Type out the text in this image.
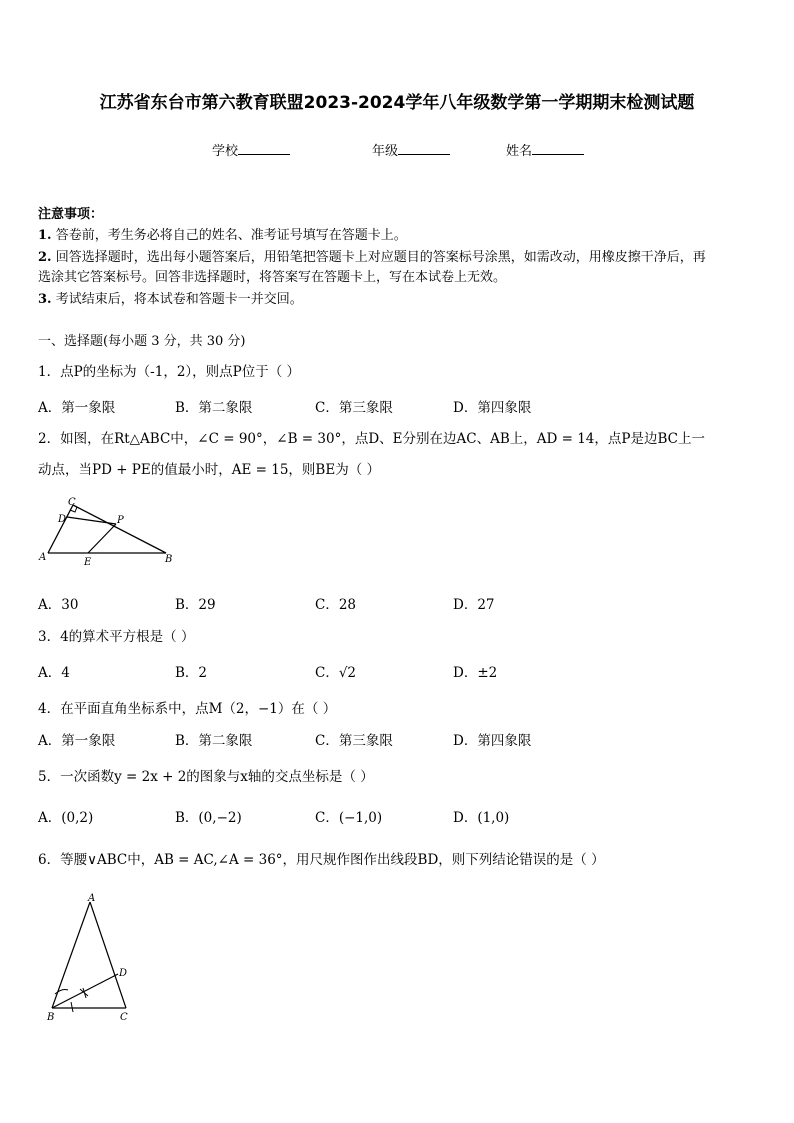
江苏省东台市第六教育联盟2023-2024学年八年级数学第一学期期末检测试题
学校	年级	姓名
注意事项：
1. 答卷前，考生务必将自己的姓名、准考证号填写在答题卡上。
2. 回答选择题时，选出每小题答案后，用铅笔把答题卡上对应题目的答案标号涂黑，如需改动，用橡皮擦干净后，再
选涂其它答案标号。回答非选择题时，将答案写在答题卡上，写在本试卷上无效。
3. 考试结束后，将本试卷和答题卡一并交回。
一、选择题(每小题 3 分，共 30 分)
1．点P的坐标为（-1，2），则点P位于（ ）
A．第一象限	B．第二象限	C．第三象限	D．第四象限
2．如图，在Rt△ABC中，∠C = 90°，∠B = 30°，点D、E分别在边AC、AB上，AD = 14，点P是边BC上一
动点，当PD + PE的值最小时，AE = 15，则BE为（ ）
C
D	P
A	E	B
A．30	B．29	C．28	D．27
3．4的算术平方根是（ ）
A．4	B．2	C．√2	D．±2
4．在平面直角坐标系中，点M（2，−1）在（ ）
A．第一象限	B．第二象限	C．第三象限	D．第四象限
5．一次函数y = 2x + 2的图象与x轴的交点坐标是（ ）
A．(0,2)	B．(0,−2)	C．(−1,0)	D．(1,0)
6．等腰∨ABC中，AB = AC,∠A = 36°，用尺规作图作出线段BD，则下列结论错误的是（ ）
A
D
B	C
